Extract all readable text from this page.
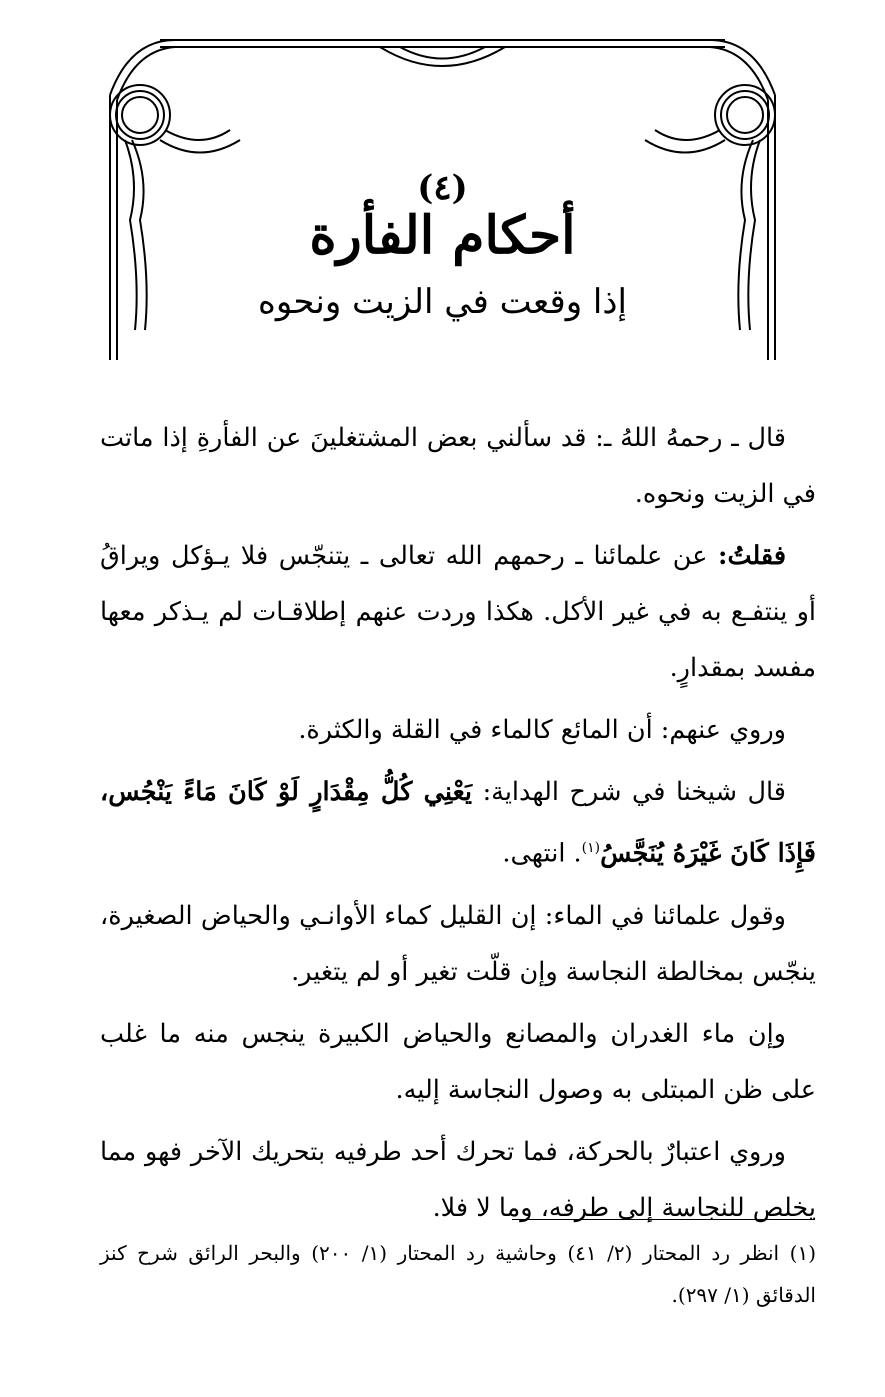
(٤)
أحكام الفأرة
إذا وقعت في الزيت ونحوه

قال ـ رحمهُ اللهُ ـ: قد سألني بعض المشتغلينَ عن الفأرةِ إذا ماتت في الزيت ونحوه.

فقلتُ: عن علمائنا ـ رحمهم الله تعالى ـ يتنجّس فلا يـؤكل ويراقُ أو ينتفـع به في غير الأكل. هكذا وردت عنهم إطلاقـات لم يـذكر معها مفسد بمقدارٍ.

وروي عنهم: أن المائع كالماء في القلة والكثرة.

قال شيخنا في شرح الهداية: يَعْنِي كُلُّ مِقْدَارٍ لَوْ كَانَ مَاءً يَنْجُس، فَإِذَا كَانَ غَيْرَهُ يُنَجَّسُ$^{(١)}$. انتهى.

وقول علمائنا في الماء: إن القليل كماء الأوانـي والحياض الصغيرة، ينجّس بمخالطة النجاسة وإن قلّت تغير أو لم يتغير.

وإن ماء الغدران والمصانع والحياض الكبيرة ينجس منه ما غلب على ظن المبتلى به وصول النجاسة إليه.

وروي اعتبارٌ بالحركة، فما تحرك أحد طرفيه بتحريك الآخر فهو مما يخلص للنجاسة إلى طرفه، وما لا فلا.

(١) انظر رد المحتار (٢/ ٤١) وحاشية رد المحتار (١/ ٢٠٠) والبحر الرائق شرح كنز الدقائق (١/ ٢٩٧).
